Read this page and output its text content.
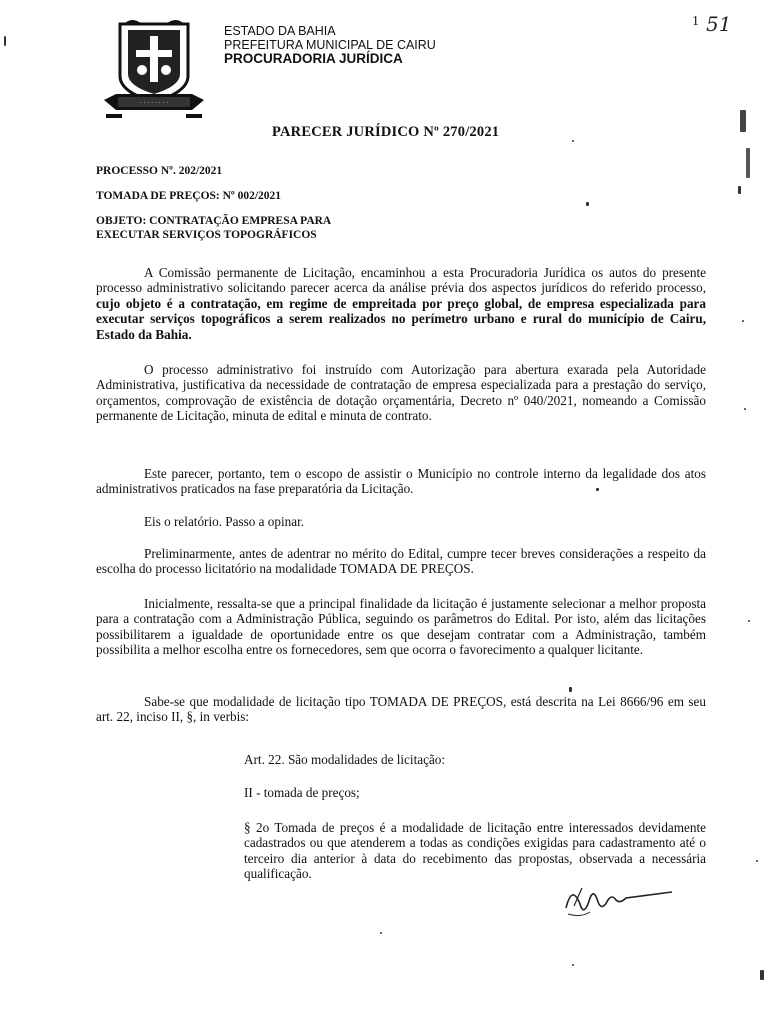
· · · · · · · ·
ESTADO DA BAHIA
PREFEITURA MUNICIPAL DE CAIRU
PROCURADORIA JURÍDICA
1 51
PARECER JURÍDICO Nº 270/2021
PROCESSO Nº. 202/2021
TOMADA DE PREÇOS: Nº 002/2021
OBJETO: CONTRATAÇÃO EMPRESA PARA
EXECUTAR SERVIÇOS TOPOGRÁFICOS
A Comissão permanente de Licitação, encaminhou a esta Procuradoria Jurídica os autos do presente processo administrativo solicitando parecer acerca da análise prévia dos aspectos jurídicos do referido processo, cujo objeto é a contratação, em regime de empreitada por preço global, de empresa especializada para executar serviços topográficos a serem realizados no perímetro urbano e rural do município de Cairu, Estado da Bahia.
O processo administrativo foi instruído com Autorização para abertura exarada pela Autoridade Administrativa, justificativa da necessidade de contratação de empresa especializada para a prestação do serviço, orçamentos, comprovação de existência de dotação orçamentária, Decreto nº 040/2021, nomeando a Comissão permanente de Licitação, minuta de edital e minuta de contrato.
Este parecer, portanto, tem o escopo de assistir o Município no controle interno da legalidade dos atos administrativos praticados na fase preparatória da Licitação.
Eis o relatório. Passo a opinar.
Preliminarmente, antes de adentrar no mérito do Edital, cumpre tecer breves considerações a respeito da escolha do processo licitatório na modalidade TOMADA DE PREÇOS.
Inicialmente, ressalta-se que a principal finalidade da licitação é justamente selecionar a melhor proposta para a contratação com a Administração Pública, seguindo os parâmetros do Edital. Por isto, além das licitações possibilitarem a igualdade de oportunidade entre os que desejam contratar com a Administração, também possibilita a melhor escolha entre os fornecedores, sem que ocorra o favorecimento a qualquer licitante.
Sabe-se que modalidade de licitação tipo TOMADA DE PREÇOS, está descrita na Lei 8666/96 em seu art. 22, inciso II, §, in verbis:
Art. 22. São modalidades de licitação:
II - tomada de preços;
§ 2o Tomada de preços é a modalidade de licitação entre interessados devidamente cadastrados ou que atenderem a todas as condições exigidas para cadastramento até o terceiro dia anterior à data do recebimento das propostas, observada a necessária qualificação.
